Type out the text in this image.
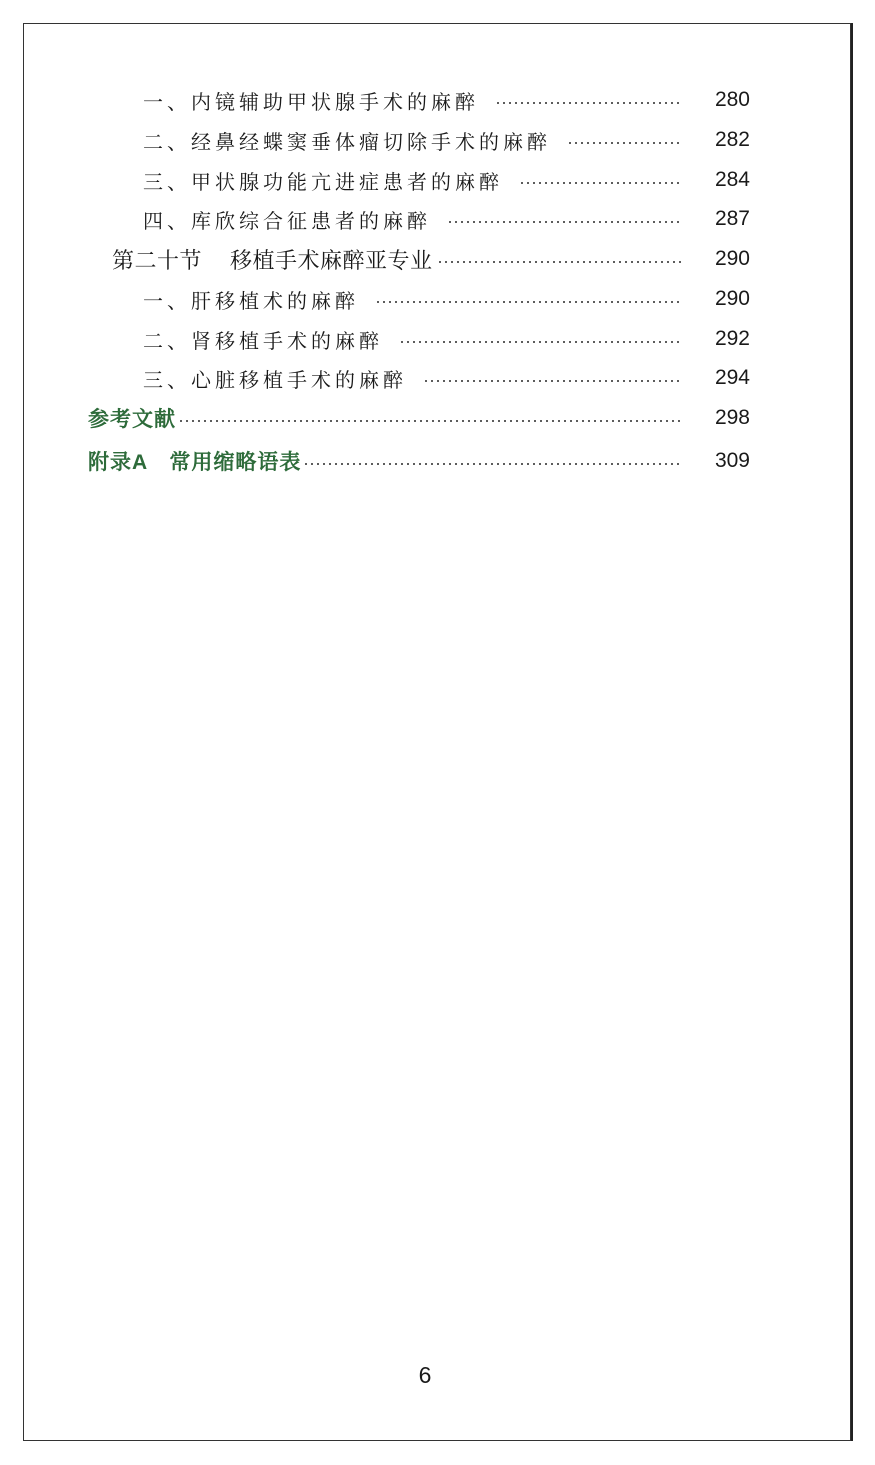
一、内镜辅助甲状腺手术的麻醉	280
二、经鼻经蝶窦垂体瘤切除手术的麻醉	282
三、甲状腺功能亢进症患者的麻醉	284
四、库欣综合征患者的麻醉	287
第二十节 移植手术麻醉亚专业	290
一、肝移植术的麻醉	290
二、肾移植手术的麻醉	292
三、心脏移植手术的麻醉	294
参考文献	298
附录A　常用缩略语表	309
6
